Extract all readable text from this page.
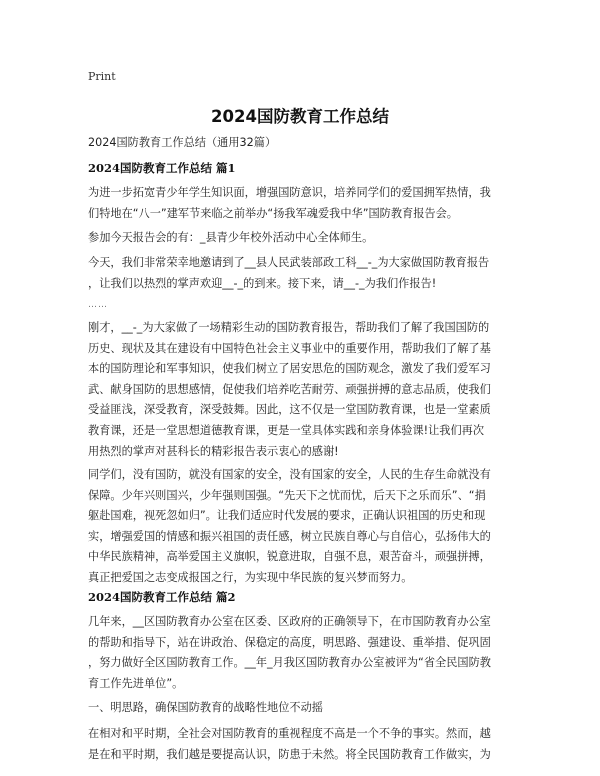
Print
2024国防教育工作总结
2024国防教育工作总结（通用32篇）
2024国防教育工作总结 篇1
为进一步拓宽青少年学生知识面，增强国防意识，培养同学们的爱国拥军热情，我
们特地在“八一”建军节来临之前举办“扬我军魂爱我中华”国防教育报告会。
参加今天报告会的有：_县青少年校外活动中心全体师生。
今天，我们非常荣幸地邀请到了__县人民武装部政工科__-_为大家做国防教育报告
，让我们以热烈的掌声欢迎__-_的到来。接下来，请__-_为我们作报告!
……
刚才，__-_为大家做了一场精彩生动的国防教育报告，帮助我们了解了我国国防的
历史、现状及其在建设有中国特色社会主义事业中的重要作用，帮助我们了解了基
本的国防理论和军事知识，使我们树立了居安思危的国防观念，激发了我们爱军习
武、献身国防的思想感情，促使我们培养吃苦耐劳、顽强拼搏的意志品质，使我们
受益匪浅，深受教育，深受鼓舞。因此，这不仅是一堂国防教育课，也是一堂素质
教育课，还是一堂思想道德教育课，更是一堂具体实践和亲身体验课!让我们再次
用热烈的掌声对甚科长的精彩报告表示衷心的感谢!
同学们，没有国防，就没有国家的安全，没有国家的安全，人民的生存生命就没有
保障。少年兴则国兴，少年强则国强。“先天下之忧而忧，后天下之乐而乐”、“捐
躯赴国难，视死忽如归”。让我们适应时代发展的要求，正确认识祖国的历史和现
实，增强爱国的情感和振兴祖国的责任感，树立民族自尊心与自信心，弘扬伟大的
中华民族精神，高举爱国主义旗帜，锐意进取，自强不息，艰苦奋斗，顽强拼搏，
真正把爱国之志变成报国之行，为实现中华民族的复兴梦而努力。
2024国防教育工作总结 篇2
几年来，__区国防教育办公室在区委、区政府的正确领导下，在市国防教育办公室
的帮助和指导下，站在讲政治、保稳定的高度，明思路、强建设、重举措、促巩固
，努力做好全区国防教育工作。__年_月我区国防教育办公室被评为“省全民国防教
育工作先进单位”。
一、明思路，确保国防教育的战略性地位不动摇
在相对和平时期，全社会对国防教育的重视程度不高是一个不争的事实。然而，越
是在和平时期，我们越是要提高认识，防患于未然。将全民国防教育工作做实，为
